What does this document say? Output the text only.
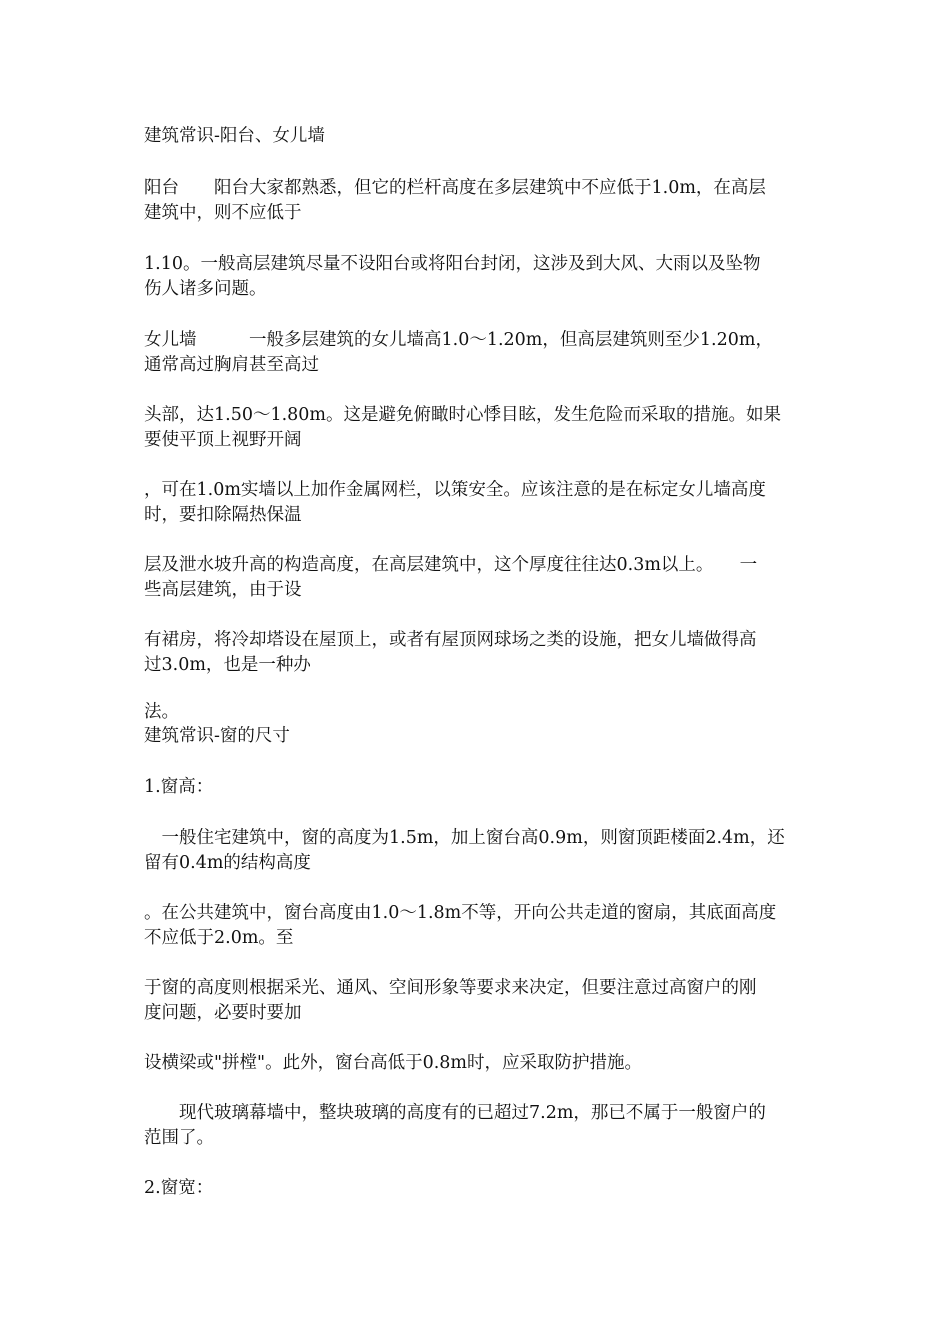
建筑常识-阳台、女儿墙
阳台　　阳台大家都熟悉，但它的栏杆高度在多层建筑中不应低于1.0m，在高层
建筑中，则不应低于
1.10。一般高层建筑尽量不设阳台或将阳台封闭，这涉及到大风、大雨以及坠物
伤人诸多问题。
女儿墙　　　一般多层建筑的女儿墙高1.0～1.20m，但高层建筑则至少1.20m，
通常高过胸肩甚至高过
头部，达1.50～1.80m。这是避免俯瞰时心悸目眩，发生危险而采取的措施。如果
要使平顶上视野开阔
，可在1.0m实墙以上加作金属网栏，以策安全。应该注意的是在标定女儿墙高度
时，要扣除隔热保温
层及泄水坡升高的构造高度，在高层建筑中，这个厚度往往达0.3m以上。　　一
些高层建筑，由于设
有裙房，将冷却塔设在屋顶上，或者有屋顶网球场之类的设施，把女儿墙做得高
过3.0m，也是一种办
法。
建筑常识-窗的尺寸
1.窗高：
　一般住宅建筑中，窗的高度为1.5m，加上窗台高0.9m，则窗顶距楼面2.4m，还
留有0.4m的结构高度
。在公共建筑中，窗台高度由1.0～1.8m不等，开向公共走道的窗扇，其底面高度
不应低于2.0m。至
于窗的高度则根据采光、通风、空间形象等要求来决定，但要注意过高窗户的刚
度问题，必要时要加
设横梁或"拼樘"。此外，窗台高低于0.8m时，应采取防护措施。
　　现代玻璃幕墙中，整块玻璃的高度有的已超过7.2m，那已不属于一般窗户的
范围了。
2.窗宽：
